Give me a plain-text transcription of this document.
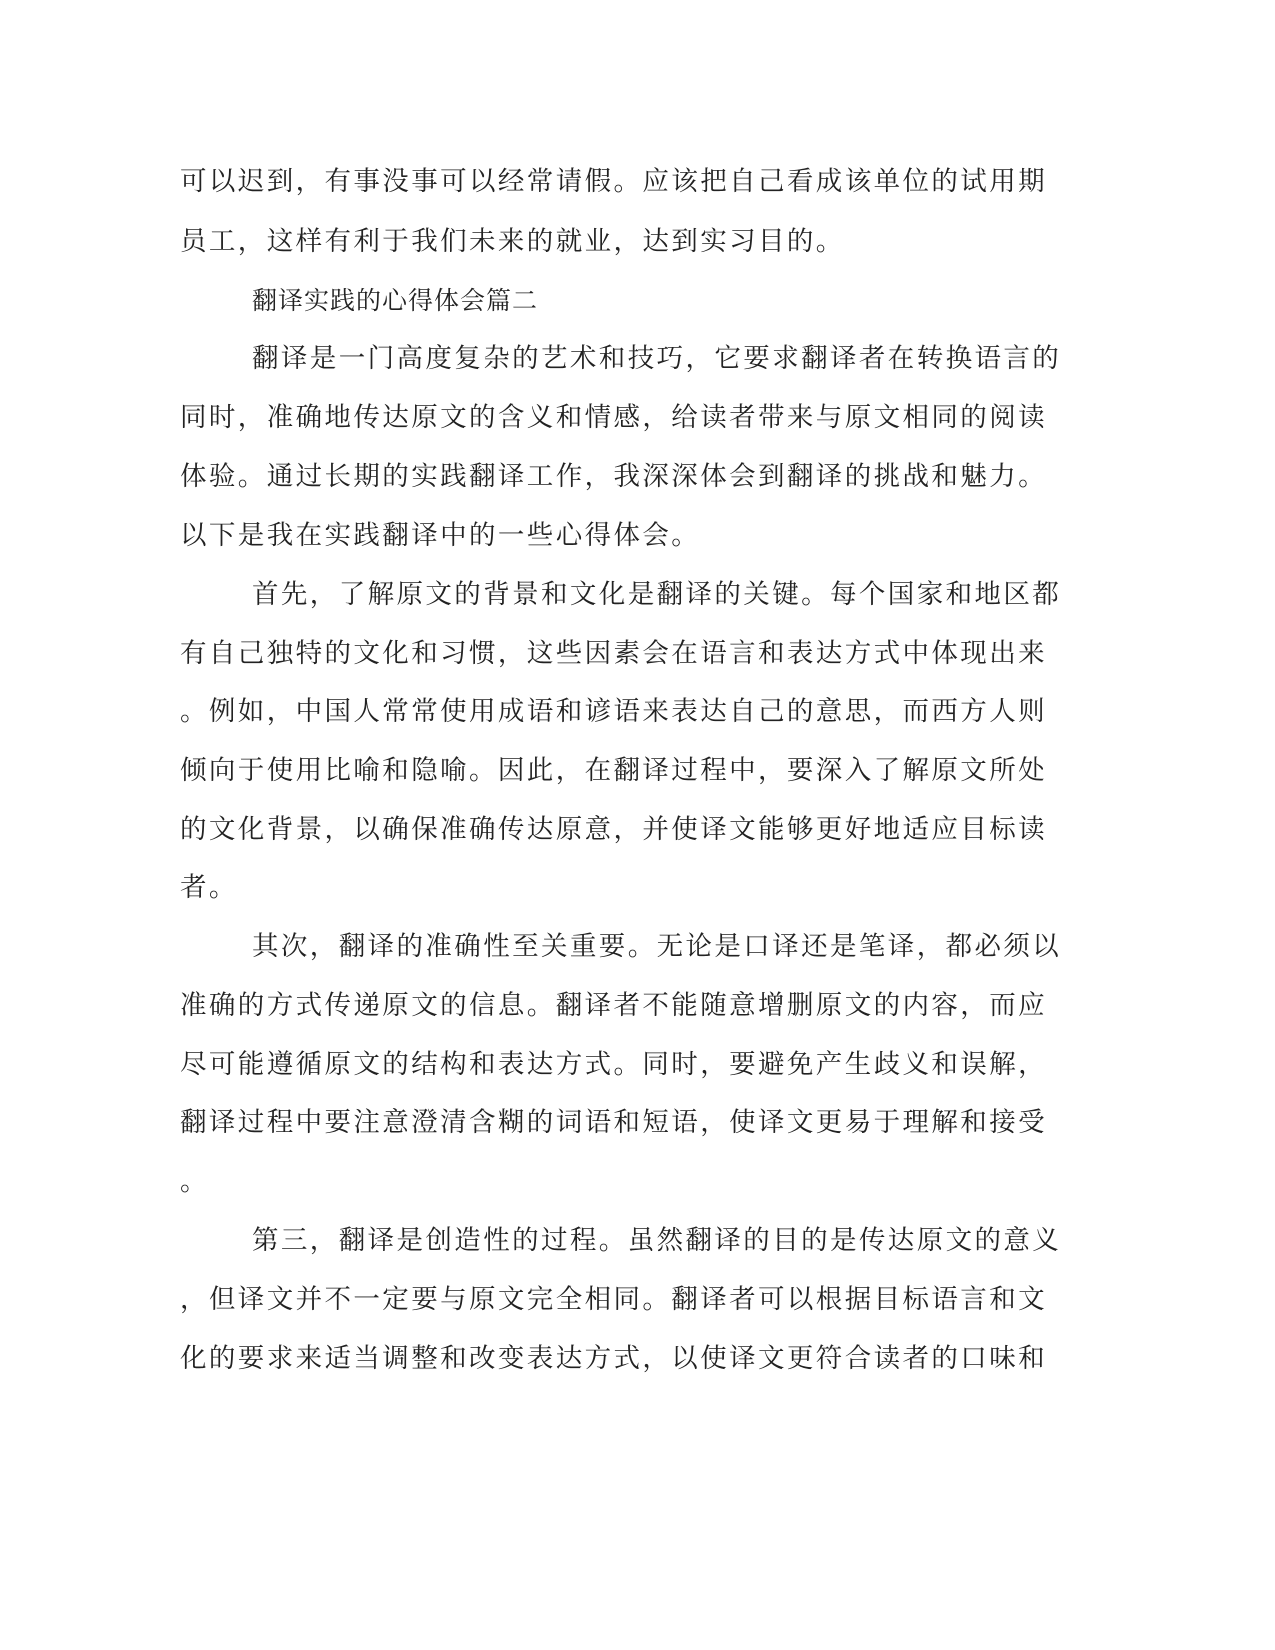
可以迟到，有事没事可以经常请假。应该把自己看成该单位的试用期
员工，这样有利于我们未来的就业，达到实习目的。
翻译实践的心得体会篇二
翻译是一门高度复杂的艺术和技巧，它要求翻译者在转换语言的
同时，准确地传达原文的含义和情感，给读者带来与原文相同的阅读
体验。通过长期的实践翻译工作，我深深体会到翻译的挑战和魅力。
以下是我在实践翻译中的一些心得体会。
首先，了解原文的背景和文化是翻译的关键。每个国家和地区都
有自己独特的文化和习惯，这些因素会在语言和表达方式中体现出来
。例如，中国人常常使用成语和谚语来表达自己的意思，而西方人则
倾向于使用比喻和隐喻。因此，在翻译过程中，要深入了解原文所处
的文化背景，以确保准确传达原意，并使译文能够更好地适应目标读
者。
其次，翻译的准确性至关重要。无论是口译还是笔译，都必须以
准确的方式传递原文的信息。翻译者不能随意增删原文的内容，而应
尽可能遵循原文的结构和表达方式。同时，要避免产生歧义和误解，
翻译过程中要注意澄清含糊的词语和短语，使译文更易于理解和接受
。
第三，翻译是创造性的过程。虽然翻译的目的是传达原文的意义
，但译文并不一定要与原文完全相同。翻译者可以根据目标语言和文
化的要求来适当调整和改变表达方式，以使译文更符合读者的口味和
